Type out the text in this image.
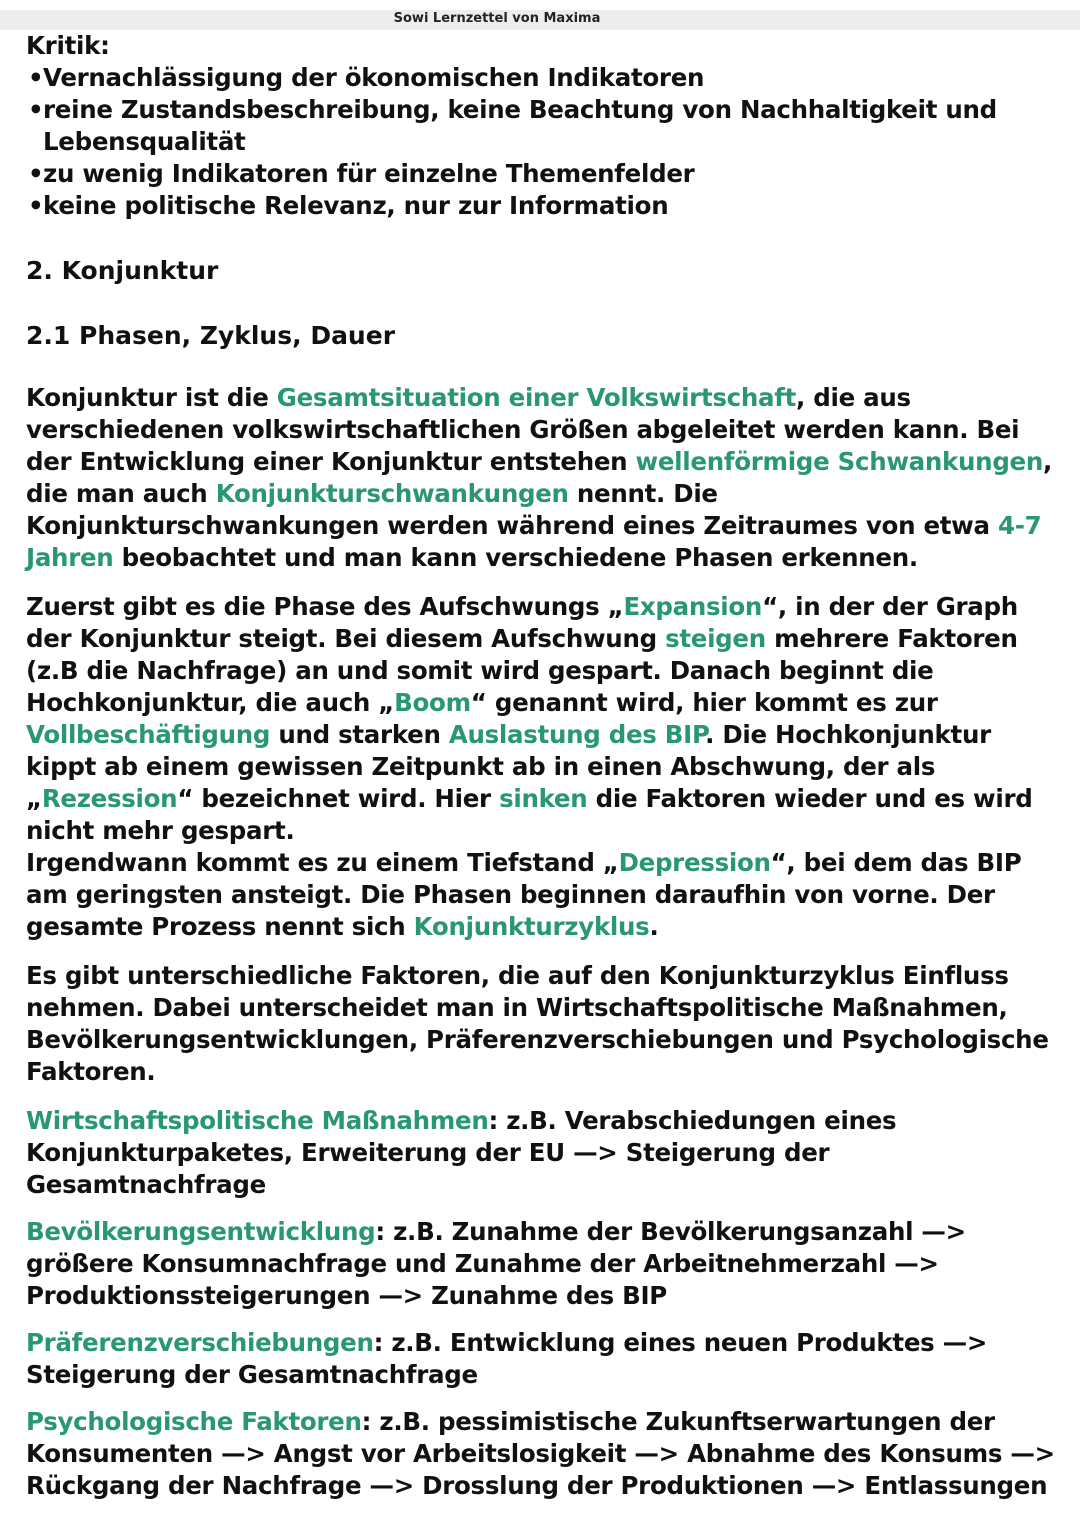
Sowi Lernzettel von Maxima

Kritik:

• Vernachlässigung der ökonomischen Indikatoren
• reine Zustandsbeschreibung, keine Beachtung von Nachhaltigkeit und Lebensqualität
• zu wenig Indikatoren für einzelne Themenfelder
• keine politische Relevanz, nur zur Information
2. Konjunktur
2.1 Phasen, Zyklus, Dauer

Konjunktur ist die Gesamtsituation einer Volkswirtschaft, die aus verschiedenen volkswirtschaftlichen Größen abgeleitet werden kann. Bei der Entwicklung einer Konjunktur entstehen wellenförmige Schwankungen, die man auch Konjunkturschwankungen nennt. Die Konjunkturschwankungen werden während eines Zeitraumes von etwa 4-7 Jahren beobachtet und man kann verschiedene Phasen erkennen.

Zuerst gibt es die Phase des Aufschwungs „Expansion“, in der der Graph der Konjunktur steigt. Bei diesem Aufschwung steigen mehrere Faktoren (z.B die Nachfrage) an und somit wird gespart. Danach beginnt die Hochkonjunktur, die auch „Boom“ genannt wird, hier kommt es zur Vollbeschäftigung und starken Auslastung des BIP. Die Hochkonjunktur kippt ab einem gewissen Zeitpunkt ab in einen Abschwung, der als „Rezession“ bezeichnet wird. Hier sinken die Faktoren wieder und es wird nicht mehr gespart.
Irgendwann kommt es zu einem Tiefstand „Depression“, bei dem das BIP am geringsten ansteigt. Die Phasen beginnen daraufhin von vorne. Der gesamte Prozess nennt sich Konjunkturzyklus.

Es gibt unterschiedliche Faktoren, die auf den Konjunkturzyklus Einfluss nehmen. Dabei unterscheidet man in Wirtschaftspolitische Maßnahmen, Bevölkerungsentwicklungen, Präferenzverschiebungen und Psychologische Faktoren.

Wirtschaftspolitische Maßnahmen: z.B. Verabschiedungen eines Konjunkturpaketes, Erweiterung der EU —> Steigerung der Gesamtnachfrage

Bevölkerungsentwicklung: z.B. Zunahme der Bevölkerungsanzahl —> größere Konsumnachfrage und Zunahme der Arbeitnehmerzahl —> Produktionssteigerungen —> Zunahme des BIP

Präferenzverschiebungen: z.B. Entwicklung eines neuen Produktes —> Steigerung der Gesamtnachfrage

Psychologische Faktoren: z.B. pessimistische Zukunftserwartungen der Konsumenten —> Angst vor Arbeitslosigkeit —> Abnahme des Konsums —> Rückgang der Nachfrage —> Drosslung der Produktionen —> Entlassungen
